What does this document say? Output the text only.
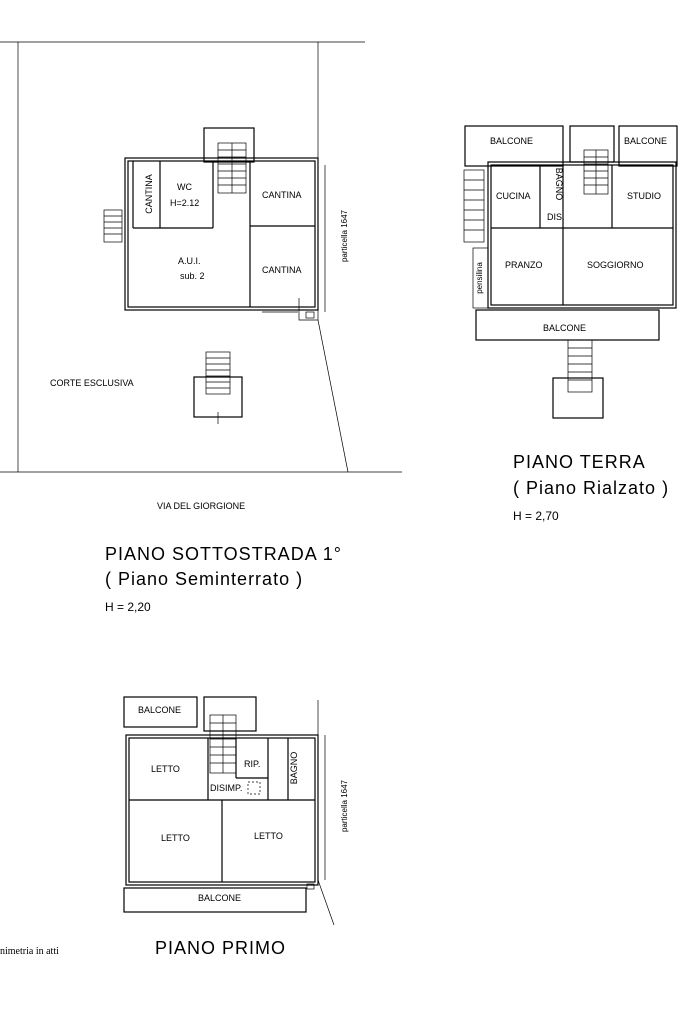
CANTINA	WC
H=2.12
CANTINA
A.U.I.
sub. 2
CANTINA
particella 1647
CORTE ESCLUSIVA
VIA DEL GIORGIONE
PIANO SOTTOSTRADA 1°
( Piano Seminterrato )
H = 2,20
BALCONE	BALCONE
CUCINA	BAGNO
DIS.
STUDIO
pensilina PRANZO	SOGGIORNO
BALCONE
PIANO TERRA
( Piano Rialzato )
H = 2,70
BALCONE
LETTO	RIP.	BAGNO
DISIMP.
LETTO	LETTO
BALCONE
particella 1647
PIANO PRIMO
nimetria in atti
